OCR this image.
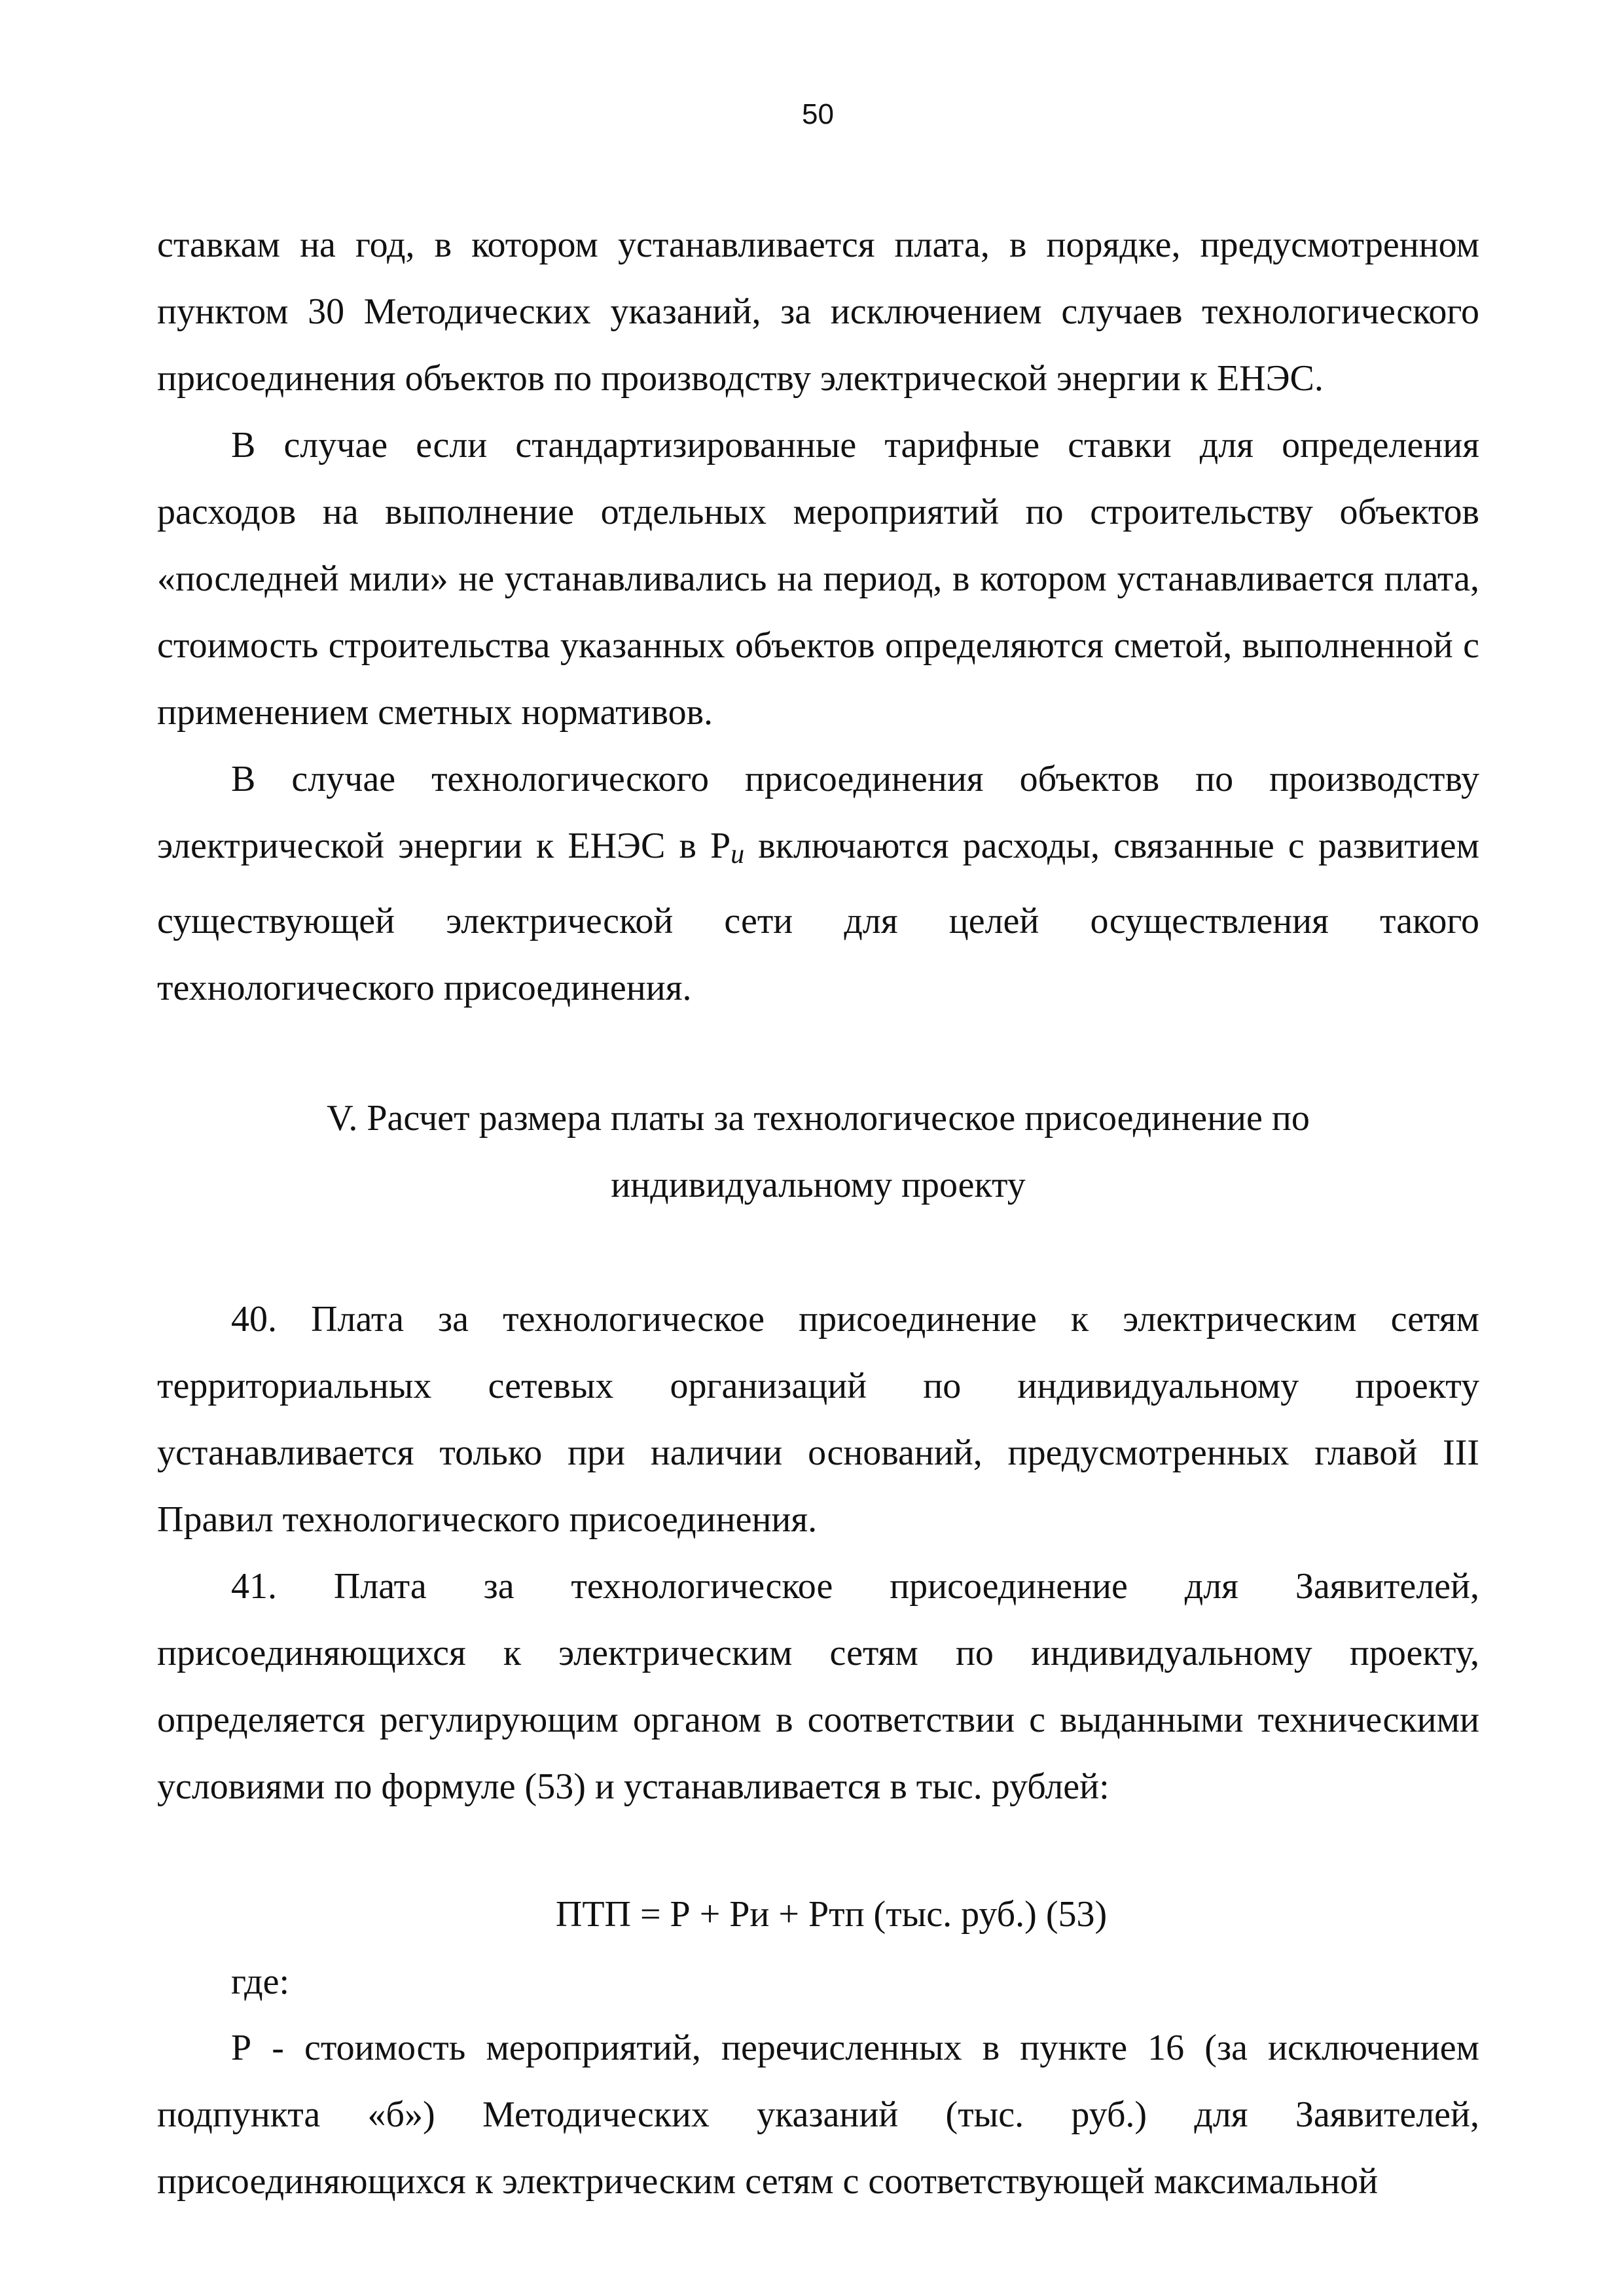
50

ставкам на год, в котором устанавливается плата, в порядке, предусмотренном пунктом 30 Методических указаний, за исключением случаев технологического присоединения объектов по производству электрической энергии к ЕНЭС.

В случае если стандартизированные тарифные ставки для определения расходов на выполнение отдельных мероприятий по строительству объектов «последней мили» не устанавливались на период, в котором устанавливается плата, стоимость строительства указанных объектов определяются сметой, выполненной с применением сметных нормативов.

В случае технологического присоединения объектов по производству электрической энергии к ЕНЭС в $Р_и$ включаются расходы, связанные с развитием существующей электрической сети для целей осуществления такого технологического присоединения.

V. Расчет размера платы за технологическое присоединение по
индивидуальному проекту

40. Плата за технологическое присоединение к электрическим сетям территориальных сетевых организаций по индивидуальному проекту устанавливается только при наличии оснований, предусмотренных главой III Правил технологического присоединения.

41. Плата за технологическое присоединение для Заявителей, присоединяющихся к электрическим сетям по индивидуальному проекту, определяется регулирующим органом в соответствии с выданными техническими условиями по формуле (53) и устанавливается в тыс. рублей:

ПТП = Р + Ри + Ртп (тыс. руб.) (53)
где:

Р - стоимость мероприятий, перечисленных в пункте 16 (за исключением подпункта «б») Методических указаний (тыс. руб.) для Заявителей, присоединяющихся к электрическим сетям с соответствующей максимальной
